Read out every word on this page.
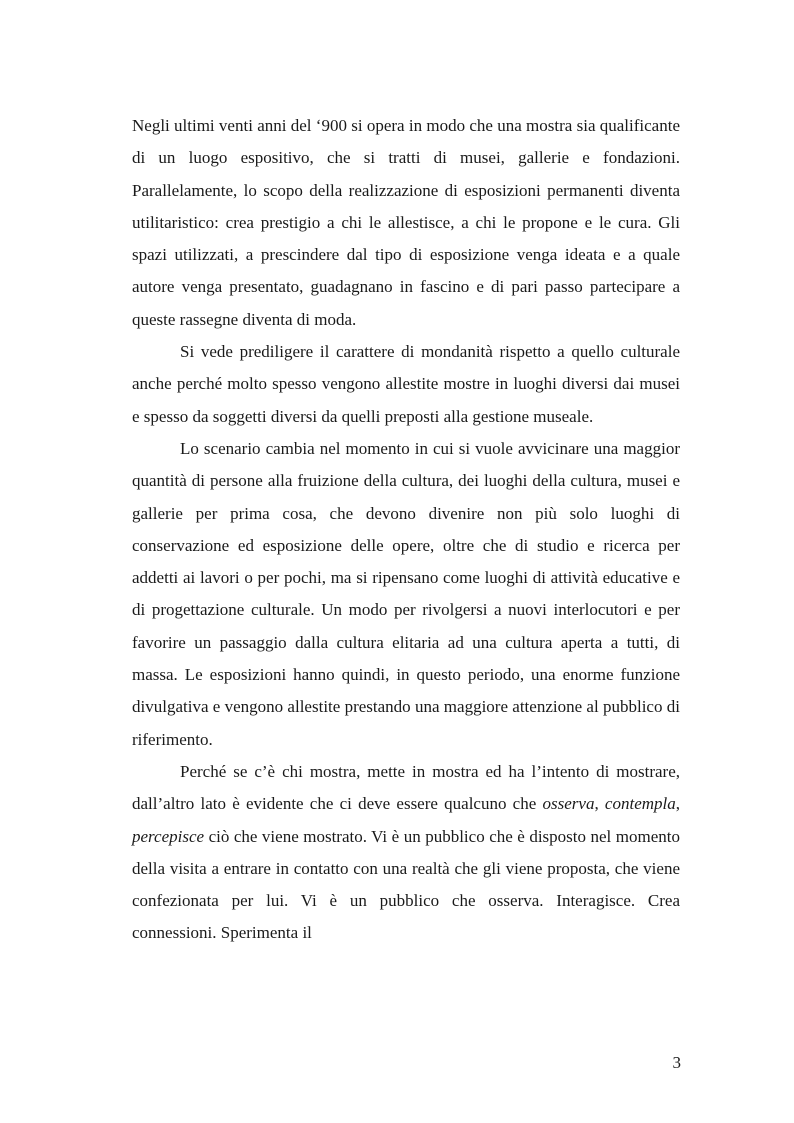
Negli ultimi venti anni del ‘900 si opera in modo che una mostra sia qualificante di un luogo espositivo, che si tratti di musei, gallerie e fondazioni. Parallelamente, lo scopo della realizzazione di esposizioni permanenti diventa utilitaristico: crea prestigio a chi le allestisce, a chi le propone e le cura. Gli spazi utilizzati, a prescindere dal tipo di esposizione venga ideata e a quale autore venga presentato, guadagnano in fascino e di pari passo partecipare a queste rassegne diventa di moda.

Si vede prediligere il carattere di mondanità rispetto a quello culturale anche perché molto spesso vengono allestite mostre in luoghi diversi dai musei e spesso da soggetti diversi da quelli preposti alla gestione museale.

Lo scenario cambia nel momento in cui si vuole avvicinare una maggior quantità di persone alla fruizione della cultura, dei luoghi della cultura, musei e gallerie per prima cosa, che devono divenire non più solo luoghi di conservazione ed esposizione delle opere, oltre che di studio e ricerca per addetti ai lavori o per pochi, ma si ripensano come luoghi di attività educative e di progettazione culturale. Un modo per rivolgersi a nuovi interlocutori e per favorire un passaggio dalla cultura elitaria ad una cultura aperta a tutti, di massa. Le esposizioni hanno quindi, in questo periodo, una enorme funzione divulgativa e vengono allestite prestando una maggiore attenzione al pubblico di riferimento.

Perché se c’è chi mostra, mette in mostra ed ha l’intento di mostrare, dall’altro lato è evidente che ci deve essere qualcuno che osserva, contempla, percepisce ciò che viene mostrato. Vi è un pubblico che è disposto nel momento della visita a entrare in contatto con una realtà che gli viene proposta, che viene confezionata per lui. Vi è un pubblico che osserva. Interagisce. Crea connessioni. Sperimenta il

3
